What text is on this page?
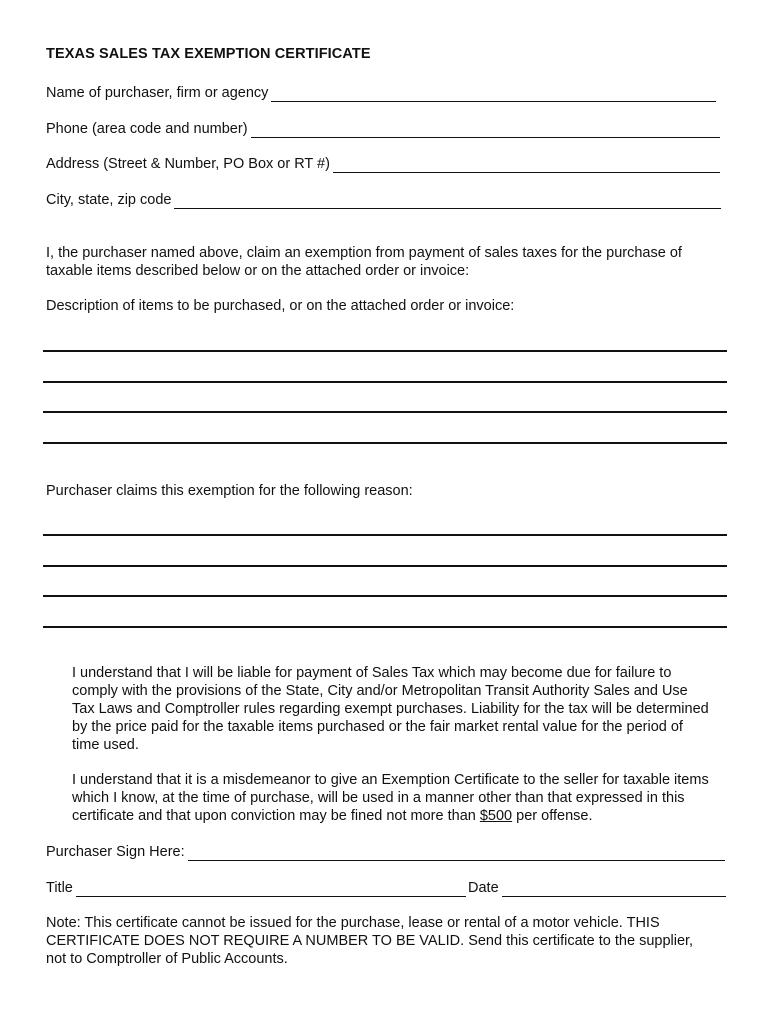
TEXAS SALES TAX EXEMPTION CERTIFICATE
Name of purchaser, firm or agency
Phone (area code and number)
Address (Street & Number, PO Box or RT #)
City, state, zip code
I, the purchaser named above, claim an exemption from payment of sales taxes for the purchase of taxable items described below or on the attached order or invoice:
Description of items to be purchased, or on the attached order or invoice:
Purchaser claims this exemption for the following reason:
I understand that I will be liable for payment of Sales Tax which may become due for failure to comply with the provisions of the State, City and/or Metropolitan Transit Authority Sales and Use Tax Laws and Comptroller rules regarding exempt purchases. Liability for the tax will be determined by the price paid for the taxable items purchased or the fair market rental value for the period of time used.
I understand that it is a misdemeanor to give an Exemption Certificate to the seller for taxable items which I know, at the time of purchase, will be used in a manner other than that expressed in this certificate and that upon conviction may be fined not more than $500 per offense.
Purchaser Sign Here:
Title	Date
Note: This certificate cannot be issued for the purchase, lease or rental of a motor vehicle. THIS CERTIFICATE DOES NOT REQUIRE A NUMBER TO BE VALID. Send this certificate to the supplier, not to Comptroller of Public Accounts.
